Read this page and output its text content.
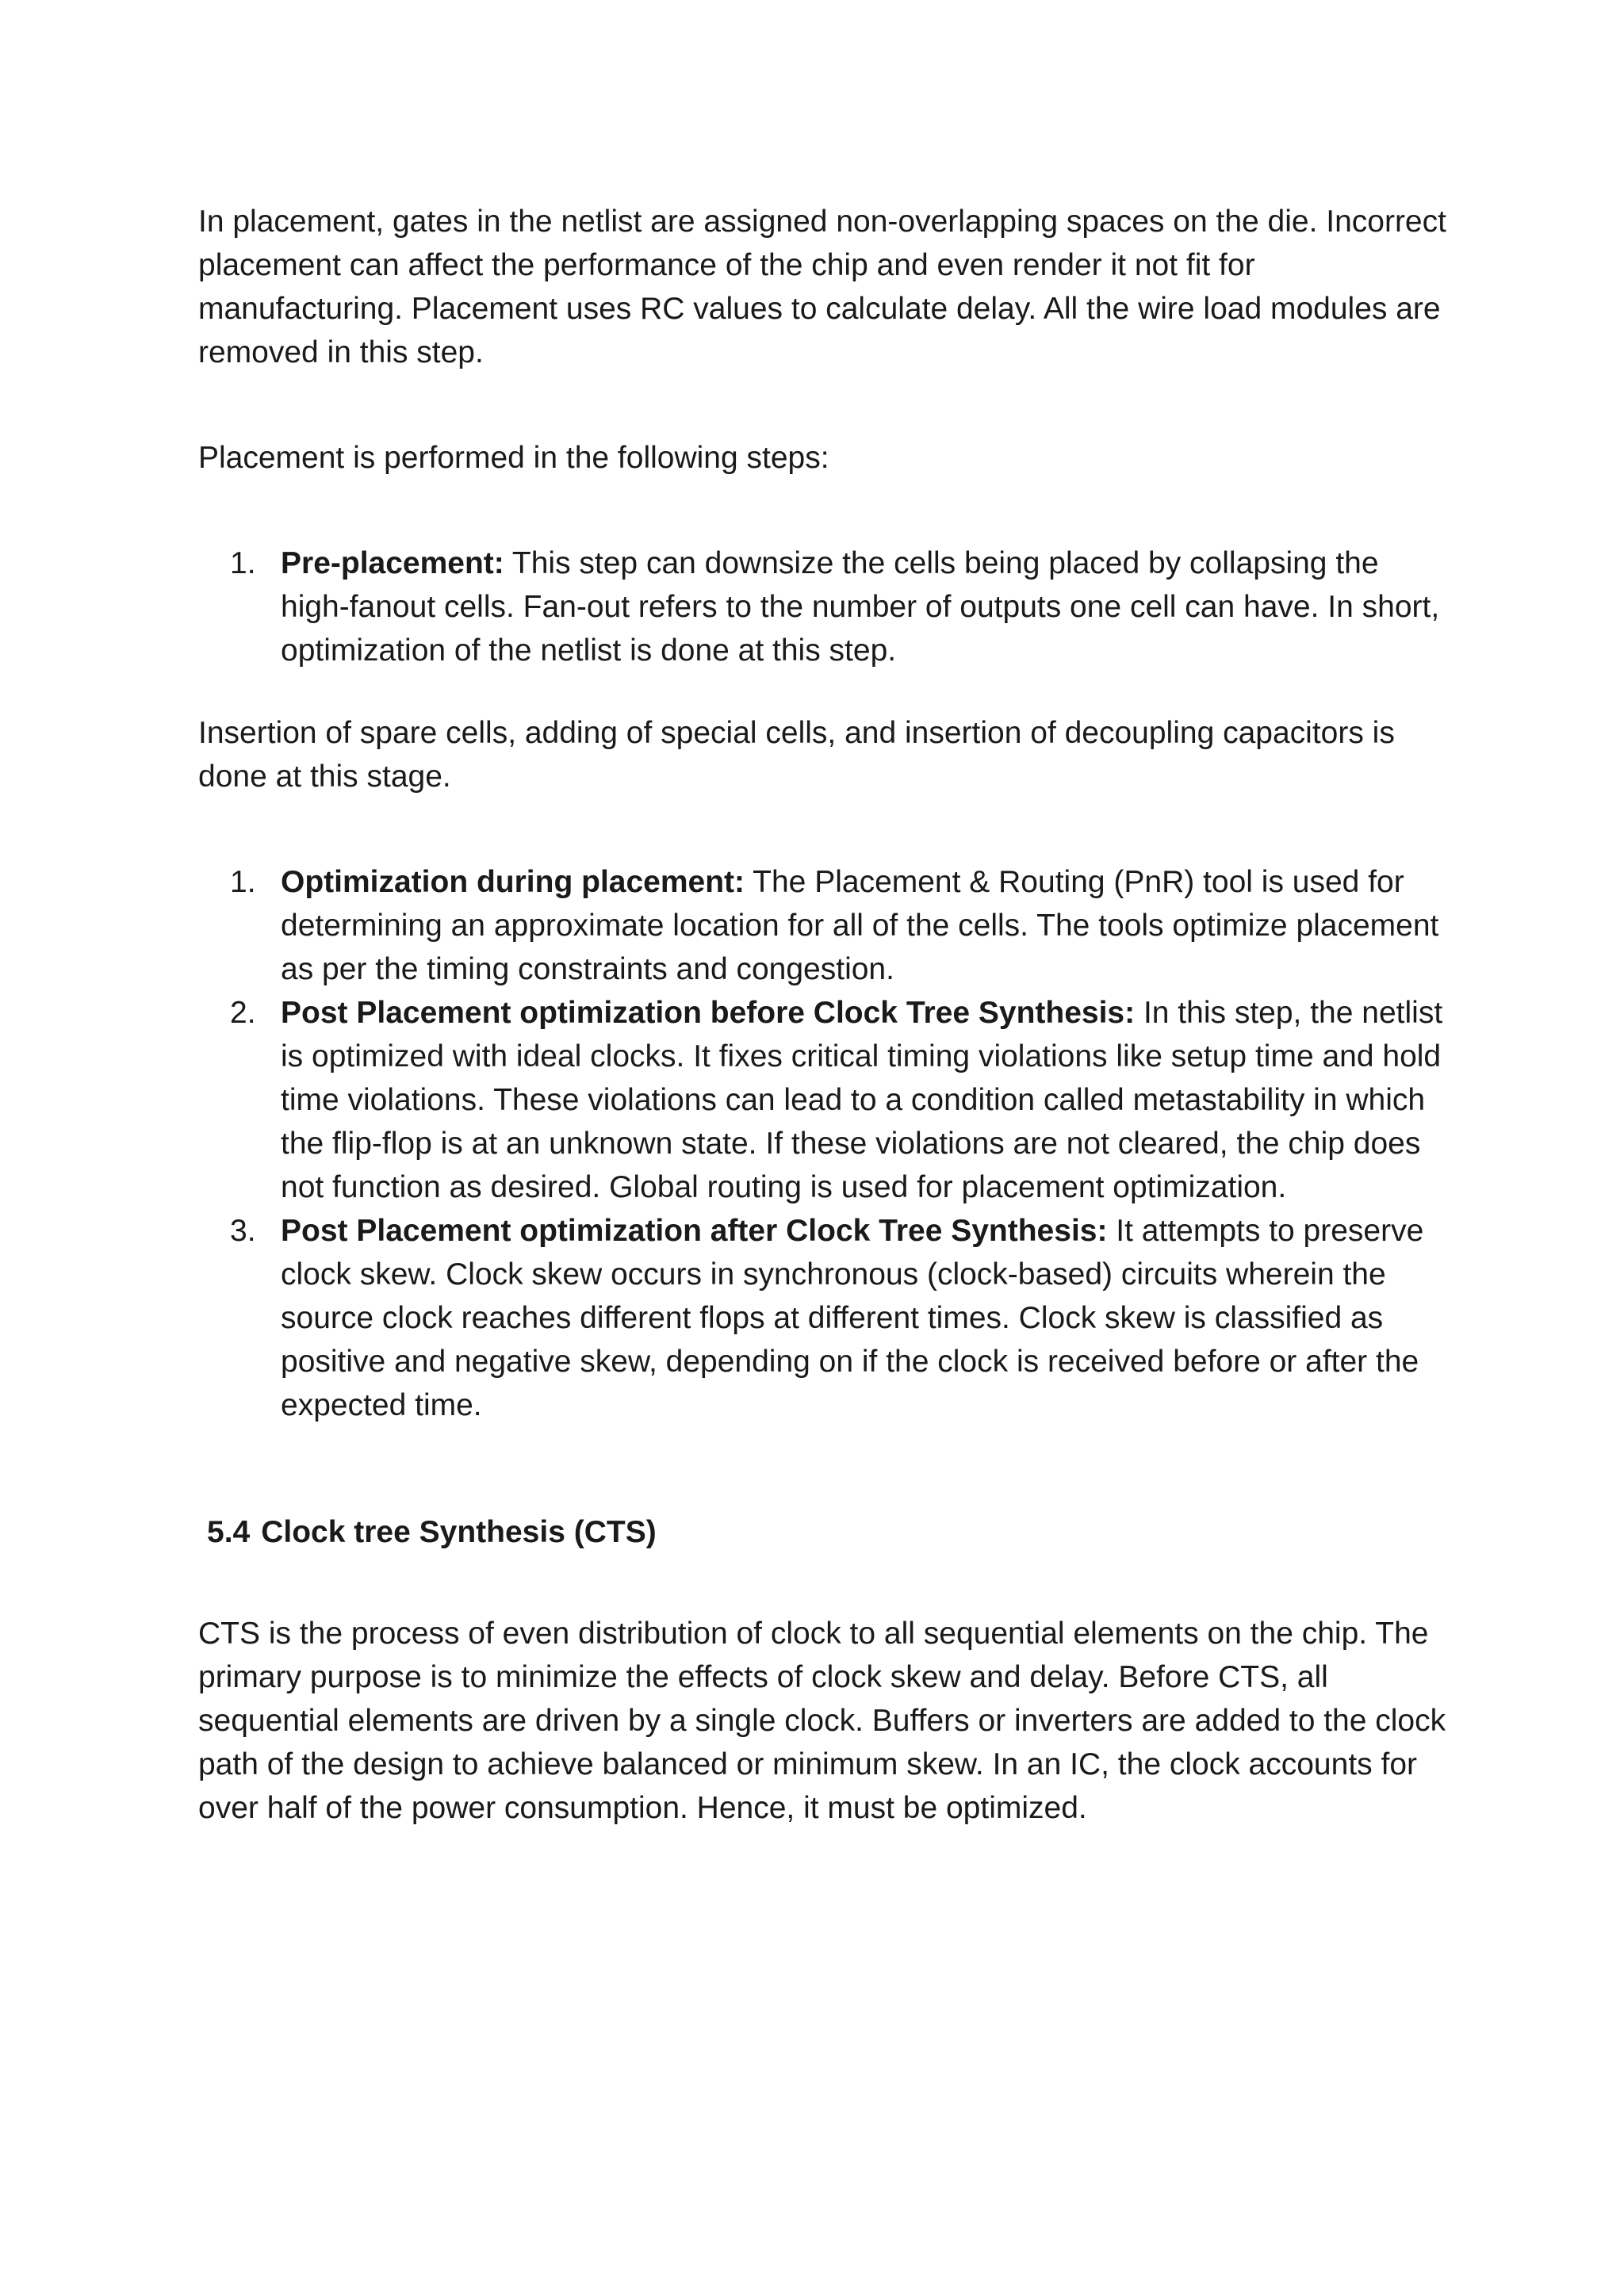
In placement, gates in the netlist are assigned non-overlapping spaces on the die. Incorrect placement can affect the performance of the chip and even render it not fit for manufacturing. Placement uses RC values to calculate delay. All the wire load modules are removed in this step.

Placement is performed in the following steps:

1. Pre-placement: This step can downsize the cells being placed by collapsing the high-fanout cells. Fan-out refers to the number of outputs one cell can have. In short, optimization of the netlist is done at this step.

Insertion of spare cells, adding of special cells, and insertion of decoupling capacitors is done at this stage.

1. Optimization during placement: The Placement & Routing (PnR) tool is used for determining an approximate location for all of the cells. The tools optimize placement as per the timing constraints and congestion.
2. Post Placement optimization before Clock Tree Synthesis: In this step, the netlist is optimized with ideal clocks. It fixes critical timing violations like setup time and hold time violations. These violations can lead to a condition called metastability in which the flip-flop is at an unknown state. If these violations are not cleared, the chip does not function as desired. Global routing is used for placement optimization.
3. Post Placement optimization after Clock Tree Synthesis: It attempts to preserve clock skew. Clock skew occurs in synchronous (clock-based) circuits wherein the source clock reaches different flops at different times. Clock skew is classified as positive and negative skew, depending on if the clock is received before or after the expected time.
5.4 Clock tree Synthesis (CTS)

CTS is the process of even distribution of clock to all sequential elements on the chip. The primary purpose is to minimize the effects of clock skew and delay. Before CTS, all sequential elements are driven by a single clock. Buffers or inverters are added to the clock path of the design to achieve balanced or minimum skew. In an IC, the clock accounts for over half of the power consumption. Hence, it must be optimized.
